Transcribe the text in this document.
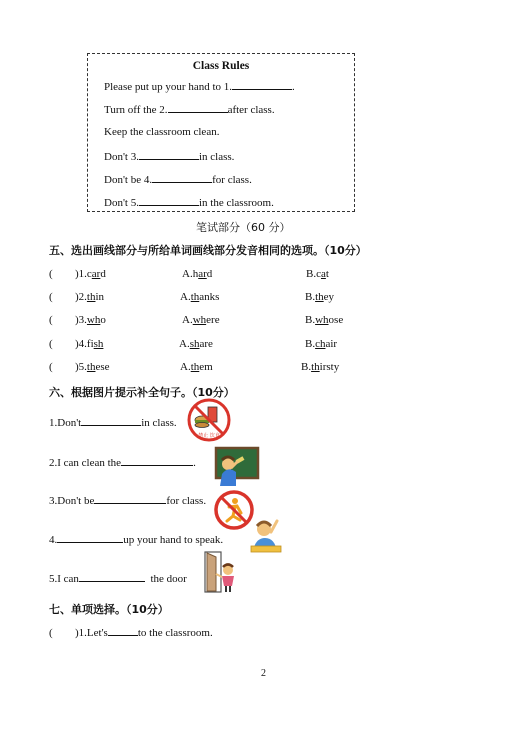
Class Rules
Please put up your hand to 1.	.
Turn off the 2.	after class.
Keep the classroom clean.
Don't 3.	in class.
Don't be 4.	for class.
Don't 5.	in the classroom.
笔试部分（60 分）
五、选出画线部分与所给单词画线部分发音相同的选项。（10分）
( )1.card	A.hard	B.cat
( )2.thin	A.thanks	B.they
( )3.who	A.where	B.whose
( )4.fish	A.share	B.chair
( )5.these	A.them	B.thirsty
六、根据图片提示补全句子。（10分）
1.Don't	in class.
禁止 饮食
2.I can clean the	.
3.Don't be	for class.
4.	up your hand to speak.
5.I can	the door
七、单项选择。（10分）
( )1.Let's	to the classroom.
2
